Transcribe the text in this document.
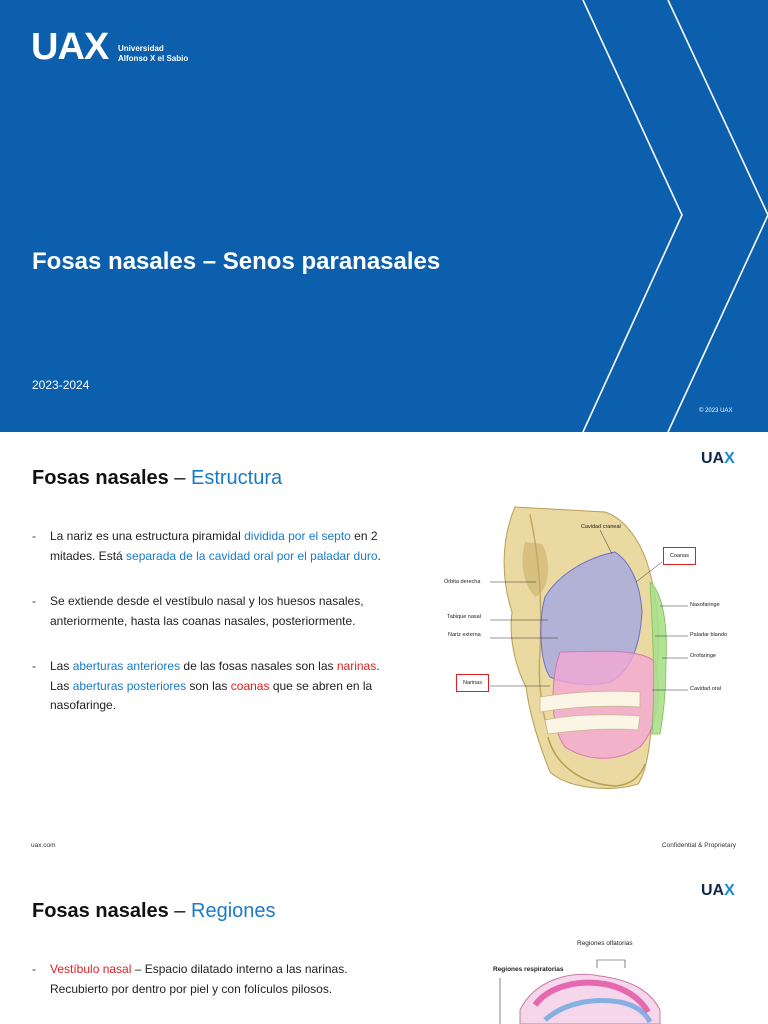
UAX Universidad
Alfonso X el Sabio
Fosas nasales – Senos paranasales
2023-2024
© 2023 UAX
UAX
Fosas nasales – Estructura

- La nariz es una estructura piramidal dividida por el septo en 2 mitades. Está separada de la cavidad oral por el paladar duro.

- Se extiende desde el vestíbulo nasal y los huesos nasales, anteriormente, hasta las coanas nasales, posteriormente.

- Las aberturas anteriores de las fosas nasales son las narinas. Las aberturas posteriores son las coanas que se abren en la nasofaringe.

Cavidad craneal
Coanas
Órbita derecha
Nasofaringe
Tabique nasal
Paladar blando
Nariz externa
Orofaringe
Narinas
Cavidad oral
uax.com	Confidential & Proprietary
UAX
Fosas nasales – Regiones

- Vestíbulo nasal – Espacio dilatado interno a las narinas. Recubierto por dentro por piel y con folículos pilosos.

Regiones olfatorias
Regiones respiratorias
